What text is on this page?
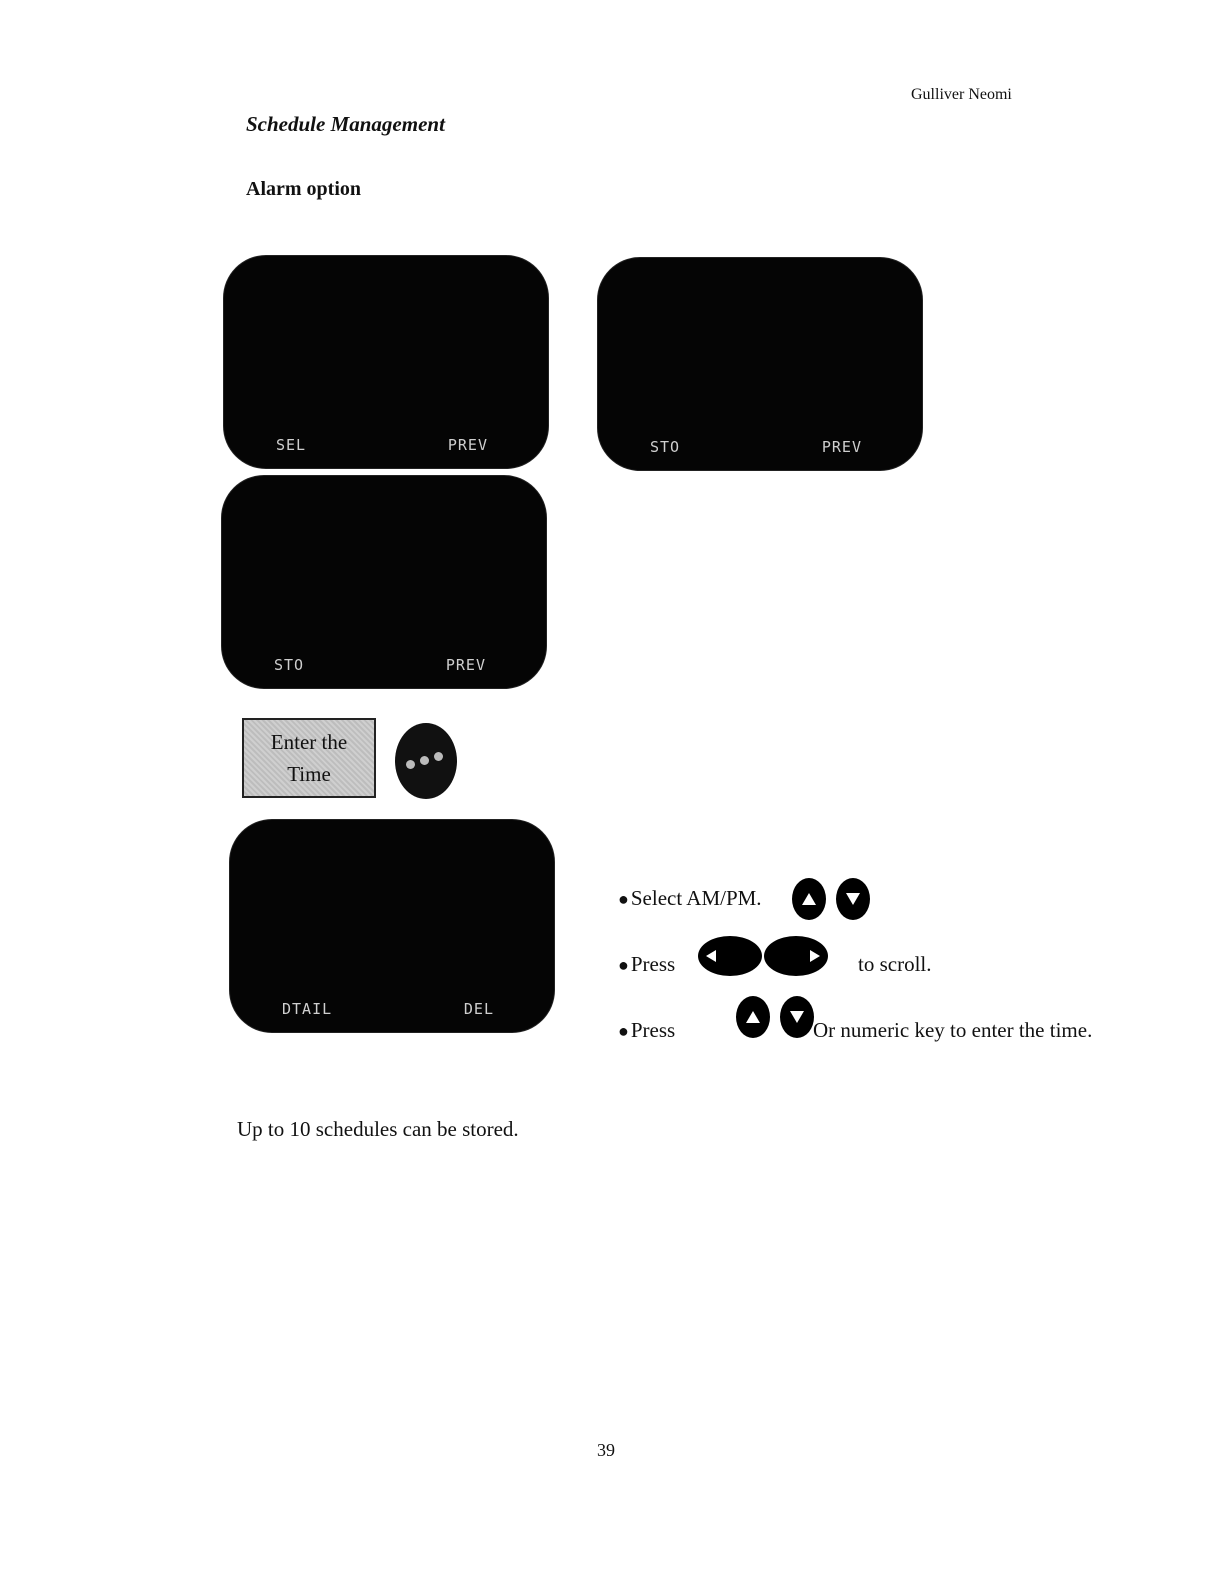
Gulliver Neomi
Schedule Management
Alarm option
SEL	PREV	STO	PREV
STO	PREV
Enter the
Time
DTAIL	DEL
●Select AM/PM.
●Press	to scroll.
●Press	Or numeric key to enter the time.
Up to 10 schedules can be stored.
39
